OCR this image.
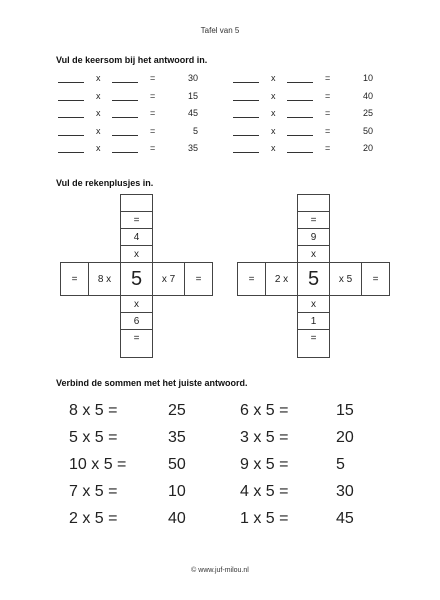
Tafel van 5
Vul de keersom bij het antwoord in.
x	=	30
x	=	15
x	=	45
x	=	5
x	=	35
x	=	10
x	=	40
x	=	25
x	=	50
x	=	20
Vul de rekenplusjes in.
=
4
x
=	8 x 5	x 7	=
x
6
=
=
9
x
=	2 x 5	x 5	=
x
1
=
Verbind de sommen met het juiste antwoord.
8 x 5 =	25
5 x 5 =	35
10 x 5 =	50
7 x 5 =	10
2 x 5 =	40
6 x 5 =	15
3 x 5 =	20
9 x 5 =	5
4 x 5 =	30
1 x 5 =	45
© www.juf-milou.nl
